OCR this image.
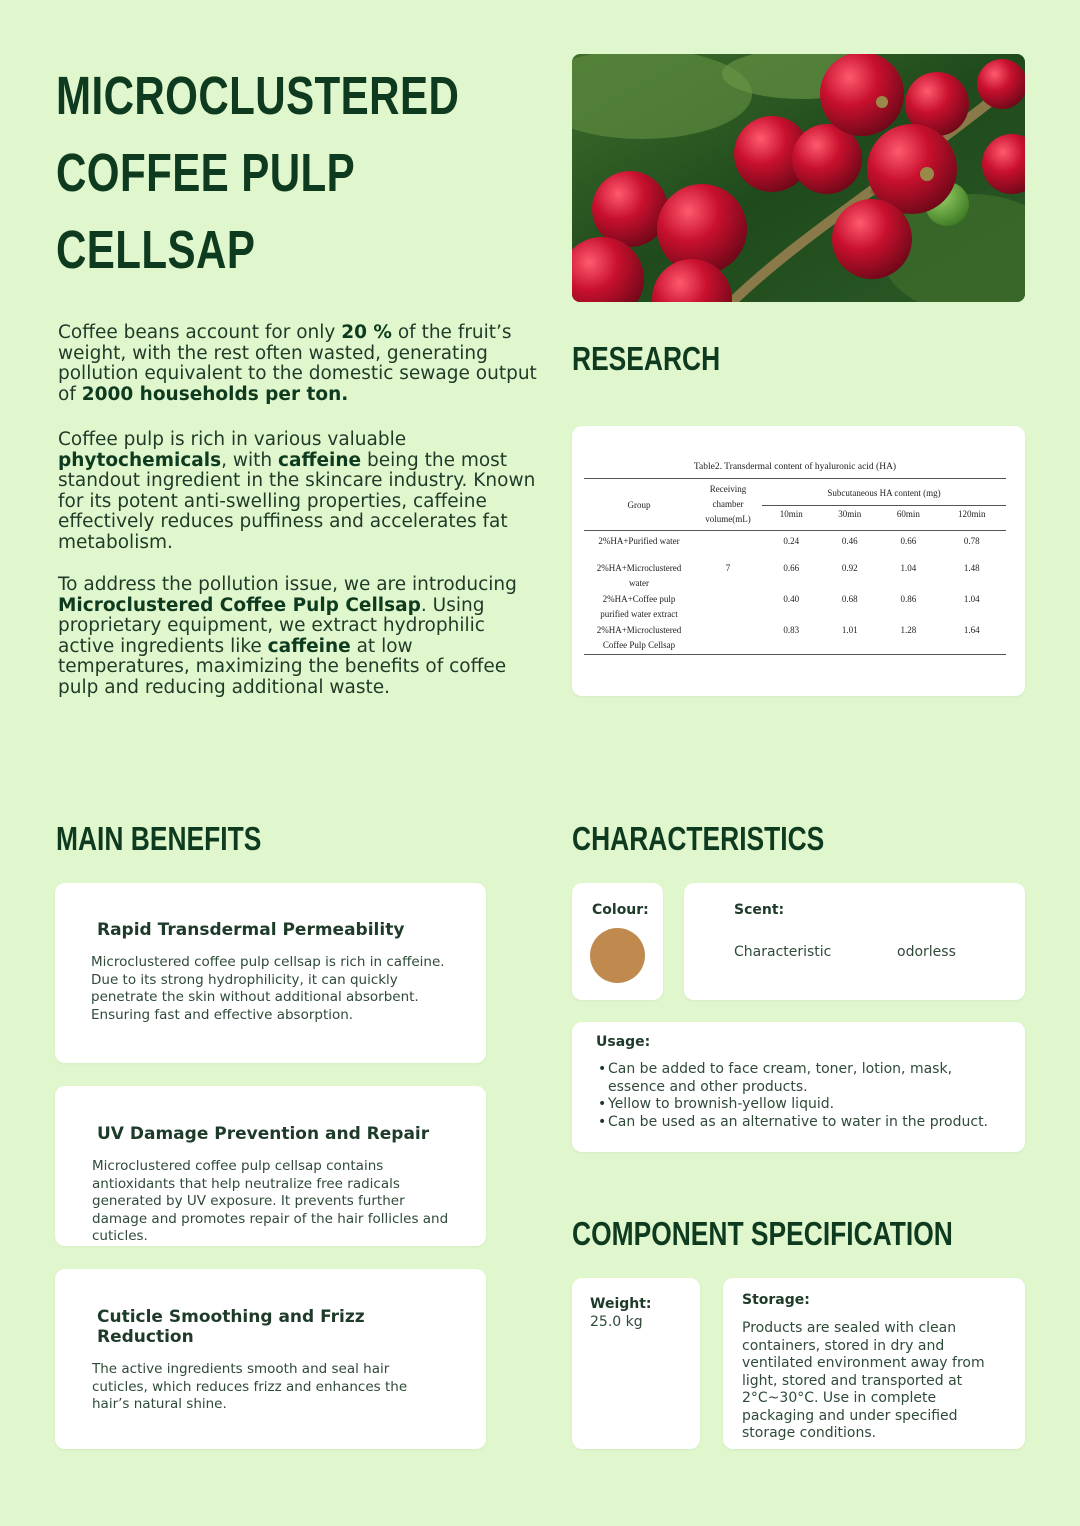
MICROCLUSTERED
COFFEE PULP
CELLSAP
Coffee beans account for only 20 % of the fruit’s weight, with the rest often wasted, generating pollution equivalent to the domestic sewage output of 2000 households per ton.
Coffee pulp is rich in various valuable phytochemicals, with caffeine being the most standout ingredient in the skincare industry. Known for its potent anti-swelling properties, caffeine effectively reduces puffiness and accelerates fat metabolism.
To address the pollution issue, we are introducing Microclustered Coffee Pulp Cellsap. Using proprietary equipment, we extract hydrophilic active ingredients like caffeine at low temperatures, maximizing the benefits of coffee pulp and reducing additional waste.
RESEARCH
Table2. Transdermal content of hyaluronic acid (HA)
Group	Receiving
chamber
volume(mL)	Subcutaneous HA content (mg)			
		10min	30min	60min	120min
2%HA+Purified water		0.24	0.46	0.66	0.78

2%HA+Microclustered
water	7	0.66	0.92	1.04	1.48

2%HA+Coffee pulp
purified water extract		0.40	0.68	0.86	1.04

2%HA+Microclustered
Coffee Pulp Cellsap		0.83	1.01	1.28	1.64
MAIN BENEFITS
Rapid Transdermal Permeability

Microclustered coffee pulp cellsap is rich in caffeine. Due to its strong hydrophilicity, it can quickly penetrate the skin without additional absorbent. Ensuring fast and effective absorption.

UV Damage Prevention and Repair

Microclustered coffee pulp cellsap contains antioxidants that help neutralize free radicals generated by UV exposure. It prevents further damage and promotes repair of the hair follicles and cuticles.

Cuticle Smoothing and Frizz Reduction

The active ingredients smooth and seal hair cuticles, which reduces frizz and enhances the hair’s natural shine.

CHARACTERISTICS
Colour:	Scent:
Characteristic	odorless
Usage:
• Can be added to face cream, toner, lotion, mask, essence and other products.
• Yellow to brownish-yellow liquid.
• Can be used as an alternative to water in the product.
COMPONENT SPECIFICATION
Weight:
25.0 kg
Storage:
Products are sealed with clean containers, stored in dry and ventilated environment away from light, stored and transported at 2°C~30°C. Use in complete packaging and under specified storage conditions.
